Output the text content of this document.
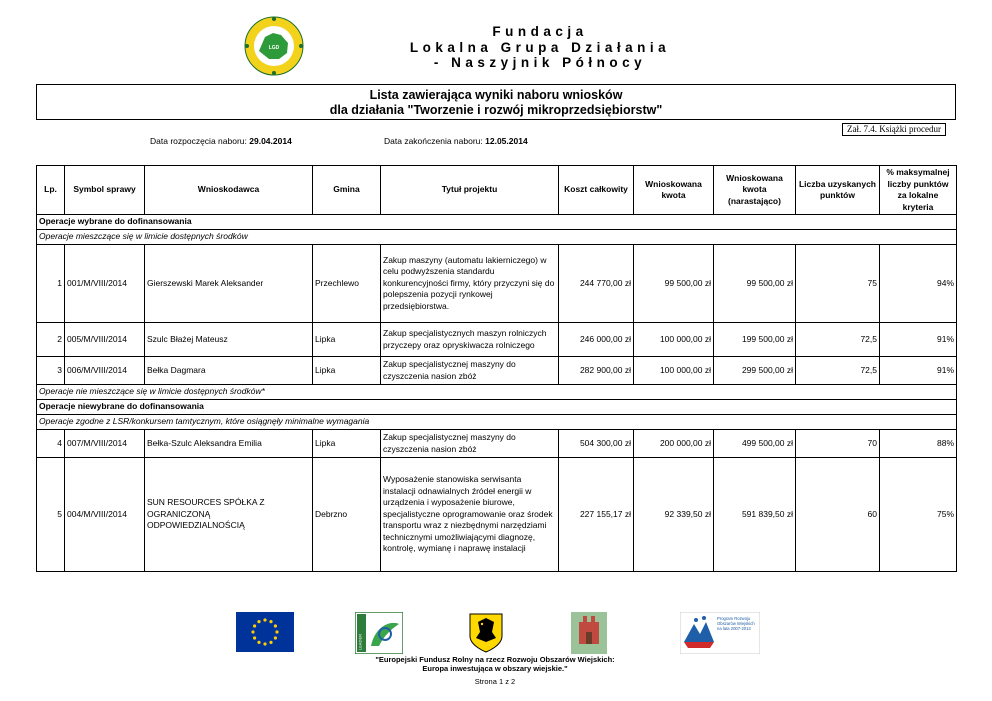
LGD
Fundacja
Lokalna Grupa Działania
- Naszyjnik Północy
Lista zawierająca wyniki naboru wniosków
dla działania "Tworzenie i rozwój mikroprzedsiębiorstw"
Zał. 7.4. Książki procedur
Data rozpoczęcia naboru: 29.04.2014	Data zakończenia naboru: 12.05.2014
Lp.	Symbol sprawy	Wnioskodawca	Gmina	Tytuł projektu	Koszt całkowity	Wnioskowana kwota	Wnioskowana kwota (narastająco)	Liczba uzyskanych punktów	% maksymalnej liczby punktów za lokalne kryteria
Operacje wybrane do dofinansowania									
Operacje mieszczące się w limicie dostępnych środków									
1	001/M/VIII/2014	Gierszewski Marek Aleksander	Przechlewo	Zakup maszyny (automatu lakierniczego) w celu podwyższenia standardu konkurencyjności firmy, który przyczyni się do polepszenia pozycji rynkowej przedsiębiorstwa.	244 770,00 zł	99 500,00 zł	99 500,00 zł	75	94%
2	005/M/VIII/2014	Szulc Błażej Mateusz	Lipka	Zakup specjalistycznych maszyn rolniczych przyczepy oraz opryskiwacza rolniczego	246 000,00 zł	100 000,00 zł	199 500,00 zł	72,5	91%
3	006/M/VIII/2014	Bełka Dagmara	Lipka	Zakup specjalistycznej maszyny do czyszczenia nasion zbóż	282 900,00 zł	100 000,00 zł	299 500,00 zł	72,5	91%
Operacje nie mieszczące się w limicie dostępnych środków*									
Operacje niewybrane do dofinansowania									
Operacje zgodne z LSR/konkursem tamtycznym, które osiągnęły minimalne wymagania									
4	007/M/VIII/2014	Bełka-Szulc Aleksandra Emilia	Lipka	Zakup specjalistycznej maszyny do czyszczenia nasion zbóż	504 300,00 zł	200 000,00 zł	499 500,00 zł	70	88%
5	004/M/VIII/2014	SUN RESOURCES SPÓŁKA Z OGRANICZONĄ ODPOWIEDZIALNOŚCIĄ	Debrzno	Wyposażenie stanowiska serwisanta instalacji odnawialnych źródeł energii w urządzenia i wyposażenie biurowe, specjalistyczne oprogramowanie oraz środek transportu wraz z niezbędnymi narzędziami technicznymi umożliwiającymi diagnozę, kontrolę, wymianę i naprawę instalacji	227 155,17 zł	92 339,50 zł	591 839,50 zł	60	75%
LEADER
Program Rozwoju Obszarów Wiejskich na lata 2007-2013
"Europejski Fundusz Rolny na rzecz Rozwoju Obszarów Wiejskich:
Europa inwestująca w obszary wiejskie."
Strona 1 z 2
